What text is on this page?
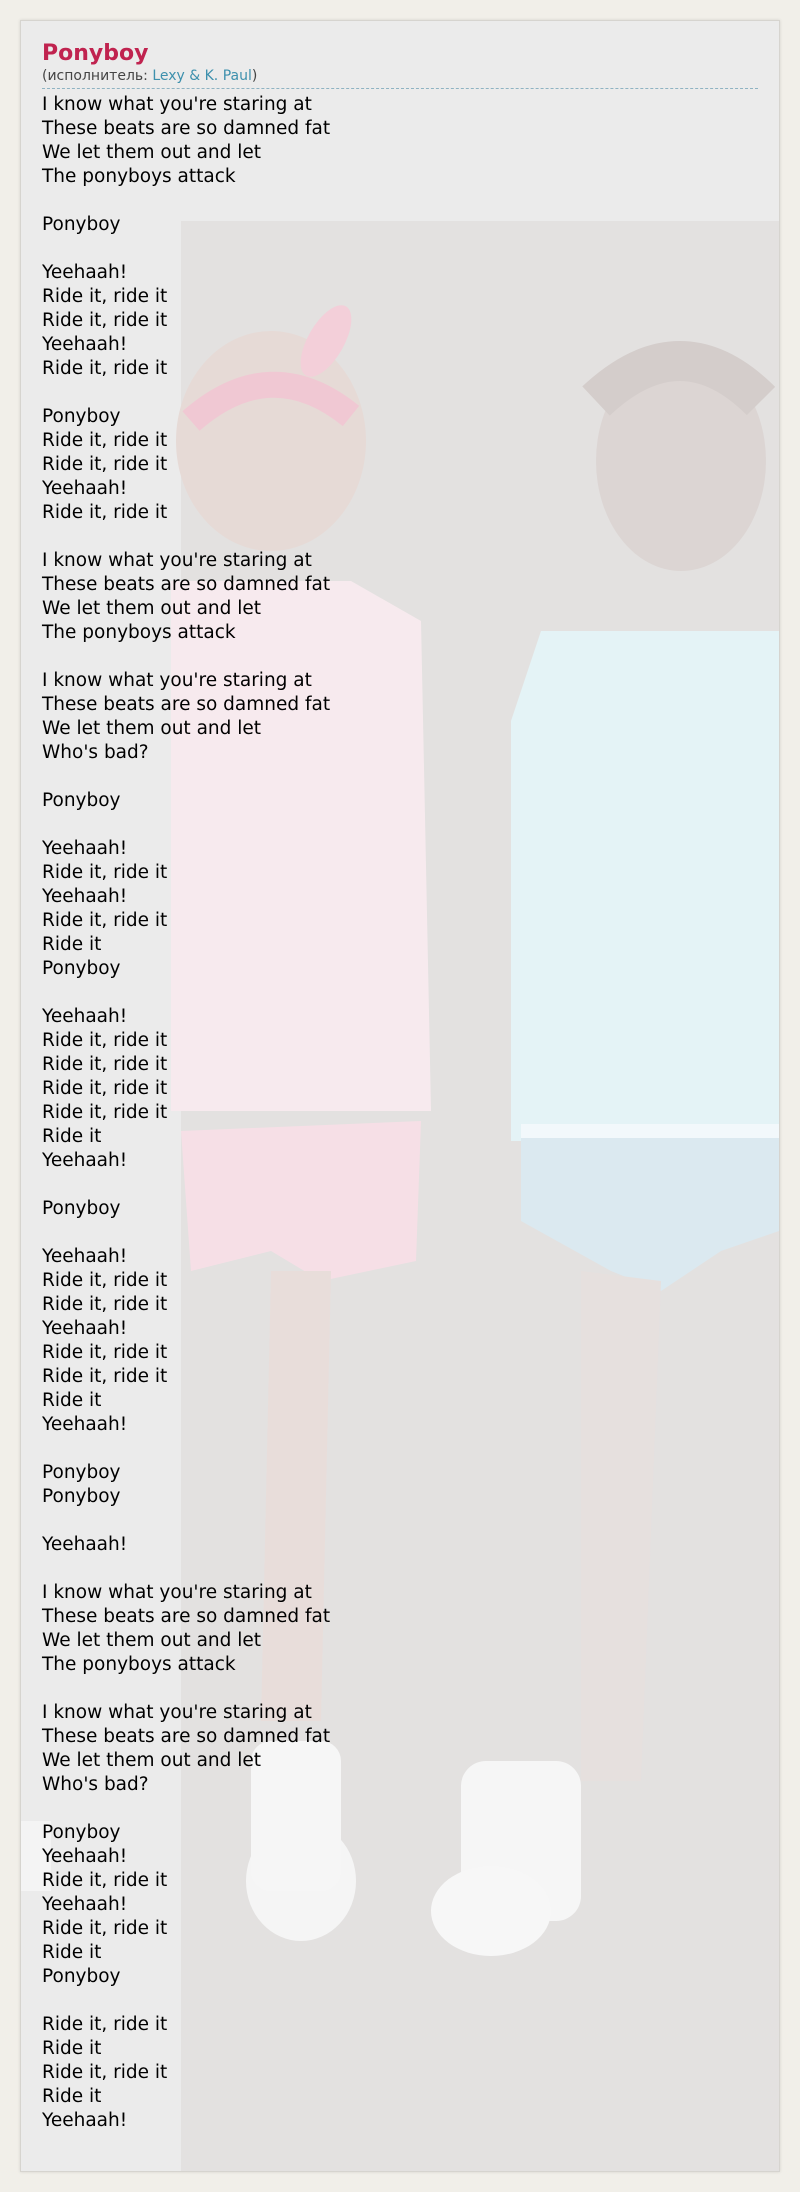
Ponyboy
(исполнитель: Lexy & K. Paul)
I know what you're staring at
These beats are so damned fat
We let them out and let
The ponyboys attack
Ponyboy
Yeehaah!
Ride it, ride it
Ride it, ride it
Yeehaah!
Ride it, ride it
Ponyboy
Ride it, ride it
Ride it, ride it
Yeehaah!
Ride it, ride it
I know what you're staring at
These beats are so damned fat
We let them out and let
The ponyboys attack
I know what you're staring at
These beats are so damned fat
We let them out and let
Who's bad?
Ponyboy
Yeehaah!
Ride it, ride it
Yeehaah!
Ride it, ride it
Ride it
Ponyboy
Yeehaah!
Ride it, ride it
Ride it, ride it
Ride it, ride it
Ride it, ride it
Ride it
Yeehaah!
Ponyboy
Yeehaah!
Ride it, ride it
Ride it, ride it
Yeehaah!
Ride it, ride it
Ride it, ride it
Ride it
Yeehaah!
Ponyboy
Ponyboy
Yeehaah!
I know what you're staring at
These beats are so damned fat
We let them out and let
The ponyboys attack
I know what you're staring at
These beats are so damned fat
We let them out and let
Who's bad?
Ponyboy
Yeehaah!
Ride it, ride it
Yeehaah!
Ride it, ride it
Ride it
Ponyboy
Ride it, ride it
Ride it
Ride it, ride it
Ride it
Yeehaah!
